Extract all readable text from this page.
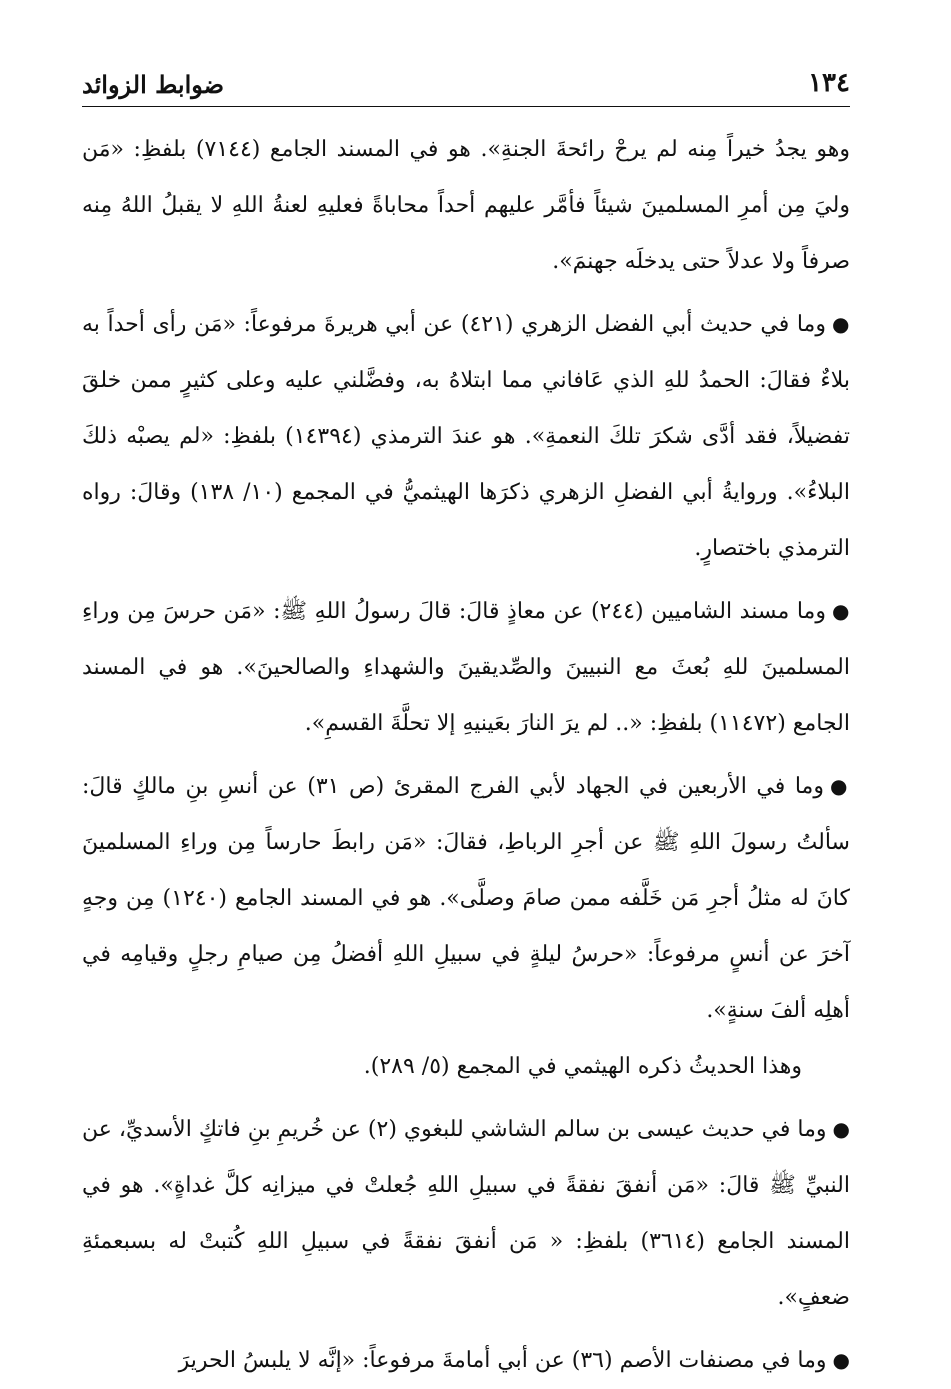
١٣٤
ضوابط الزوائد

وهو يجدُ خيراً مِنه لم يرحْ رائحةَ الجنةِ». هو في المسند الجامع (٧١٤٤) بلفظِ: «مَن وليَ مِن أمرِ المسلمينَ شيئاً فأمَّر عليهم أحداً محاباةً فعليهِ لعنةُ اللهِ لا يقبلُ اللهُ مِنه صرفاً ولا عدلاً حتى يدخلَه جهنمَ».

●وما في حديث أبي الفضل الزهري (٤٢١) عن أبي هريرةَ مرفوعاً: «مَن رأى أحداً به بلاءٌ فقالَ: الحمدُ للهِ الذي عَافاني مما ابتلاهُ به، وفضَّلني عليه وعلى كثيرٍ ممن خلقَ تفضيلاً، فقد أدَّى شكرَ تلكَ النعمةِ». هو عندَ الترمذي (١٤٣٩٤) بلفظِ: «لم يصبْه ذلكَ البلاءُ». وروايةُ أبي الفضلِ الزهري ذكرَها الهيثميُّ في المجمع (١٠/ ١٣٨) وقالَ: رواه الترمذي باختصارٍ.

●وما مسند الشاميين (٢٤٤) عن معاذٍ قالَ: قالَ رسولُ اللهِ ﷺ: «مَن حرسَ مِن وراءِ المسلمينَ للهِ بُعثَ مع النبيينَ والصِّديقينَ والشهداءِ والصالحينَ». هو في المسند الجامع (١١٤٧٢) بلفظِ: «.. لم يرَ النارَ بعَينيهِ إلا تحلَّةَ القسمِ».

●وما في الأربعين في الجهاد لأبي الفرج المقرئ (ص ٣١) عن أنسِ بنِ مالكٍ قالَ: سألتُ رسولَ اللهِ ﷺ عن أجرِ الرباطِ، فقالَ: «مَن رابطَ حارساً مِن وراءِ المسلمينَ كانَ له مثلُ أجرِ مَن خَلَّفه ممن صامَ وصلَّى». هو في المسند الجامع (١٢٤٠) مِن وجهٍ آخرَ عن أنسٍ مرفوعاً: «حرسُ ليلةٍ في سبيلِ اللهِ أفضلُ مِن صيامِ رجلٍ وقيامِه في أهلِه ألفَ سنةٍ».

وهذا الحديثُ ذكره الهيثمي في المجمع (٥/ ٢٨٩).

●وما في حديث عيسى بن سالم الشاشي للبغوي (٢) عن خُريمِ بنِ فاتكٍ الأسديِّ، عن النبيِّ ﷺ قالَ: «مَن أنفقَ نفقةً في سبيلِ اللهِ جُعلتْ في ميزانِه كلَّ غداةٍ». هو في المسند الجامع (٣٦١٤) بلفظِ: « مَن أنفقَ نفقةً في سبيلِ اللهِ كُتبتْ له بسبعمئةِ ضعفٍ».

●وما في مصنفات الأصم (٣٦) عن أبي أمامةَ مرفوعاً: «إنَّه لا يلبسُ الحريرَ
